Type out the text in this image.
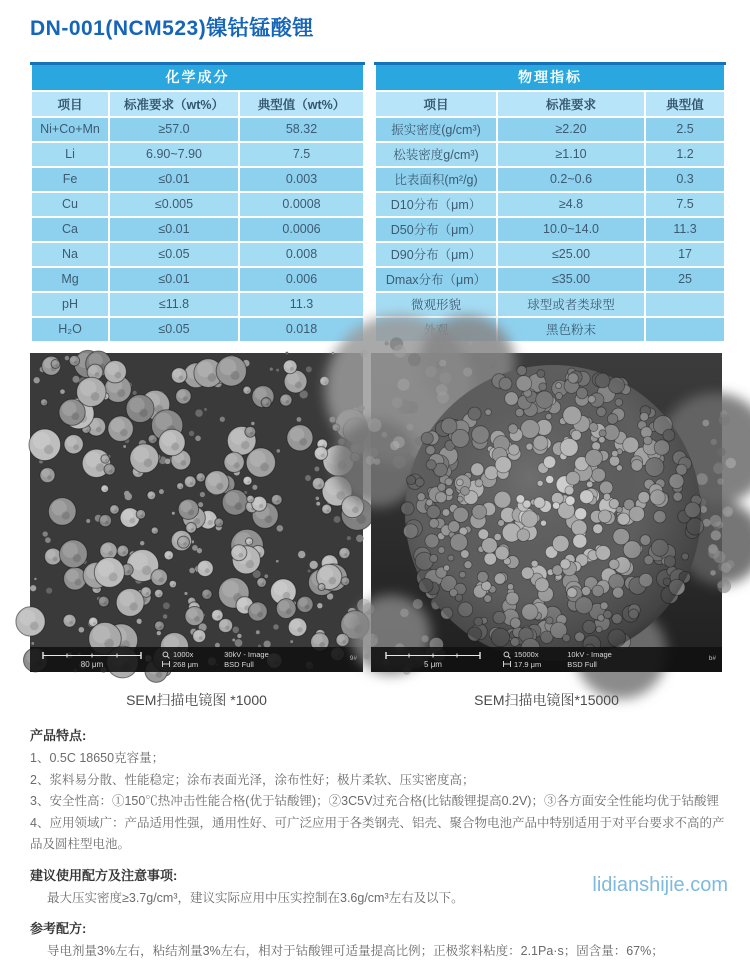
DN-001(NCM523)镍钴锰酸锂
化学成分		
项目	标准要求（wt%）	典型值（wt%）
Ni+Co+Mn	≥57.0	58.32
Li	6.90~7.90	7.5
Fe	≤0.01	0.003
Cu	≤0.005	0.0008
Ca	≤0.01	0.0006
Na	≤0.05	0.008
Mg	≤0.01	0.006
pH	≤11.8	11.3
H₂O	≤0.05	0.018
物理指标		
项目	标准要求	典型值
振实密度(g/cm³)	≥2.20	2.5
松装密度g/cm³)	≥1.10	1.2
比表面积(m²/g)	0.2~0.6	0.3
D10分布（μm）	≥4.8	7.5
D50分布（μm）	10.0~14.0	11.3
D90分布（μm）	≤25.00	17
Dmax分布（μm）	≤35.00	25
微观形貌	球型或者类球型	
	黑色粉末	
80 μm
1000x
268 μm
30kV - Image
BSD Full
9#
5 μm
15000x
17.9 μm
10kV - Image
BSD Full
b#
SEM扫描电镜图 *1000	SEM扫描电镜图*15000
产品特点:
1、0.5C 18650克容量；
2、浆料易分散、性能稳定；涂布表面光泽，涂布性好；极片柔软、压实密度高；
3、安全性高：①150℃热冲击性能合格(优于钴酸锂)；②3C5V过充合格(比钴酸锂提高0.2V)；③各方面安全性能均优于钴酸锂
4、应用领域广：产品适用性强，通用性好、可广泛应用于各类钢壳、铝壳、聚合物电池产品中特别适用于对平台要求不高的产品及圆柱型电池。
建议使用配方及注意事项:
最大压实密度≥3.7g/cm³，建议实际应用中压实控制在3.6g/cm³左右及以下。
参考配方:
导电剂量3%左右，粘结剂量3%左右，相对于钴酸锂可适量提高比例；正极浆料粘度：2.1Pa·s；固含量：67%；
lidianshijie.com
